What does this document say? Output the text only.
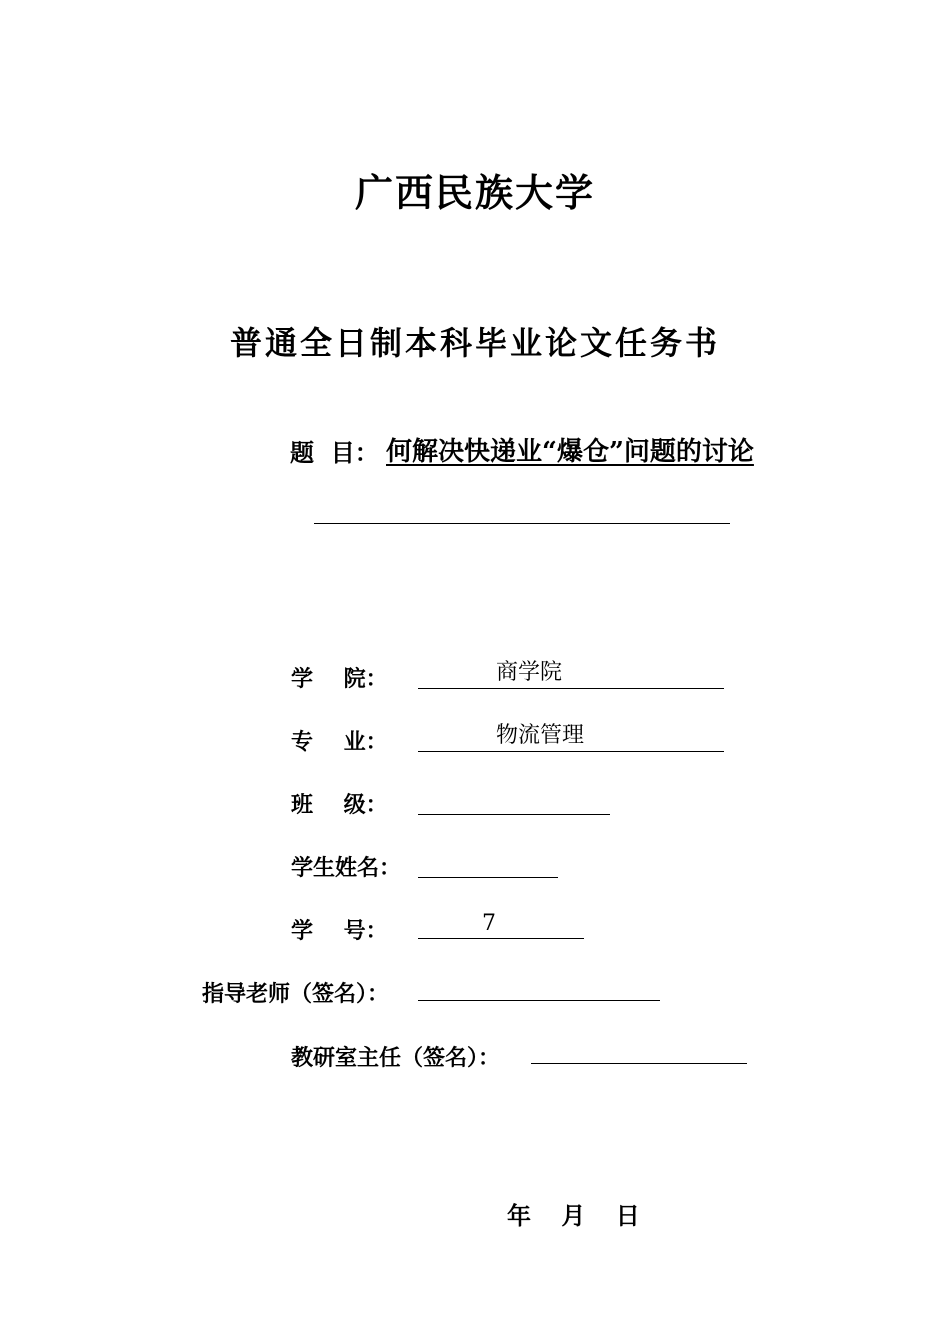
广西民族大学
普通全日制本科毕业论文任务书
题  目： 何解决快递业“爆仓”问题的讨论
学    院：	商学院
专    业：	物流管理
班    级：
学生姓名：
学    号：	7
指导老师（签名）：
教研室主任（签名）：
年 月 日
